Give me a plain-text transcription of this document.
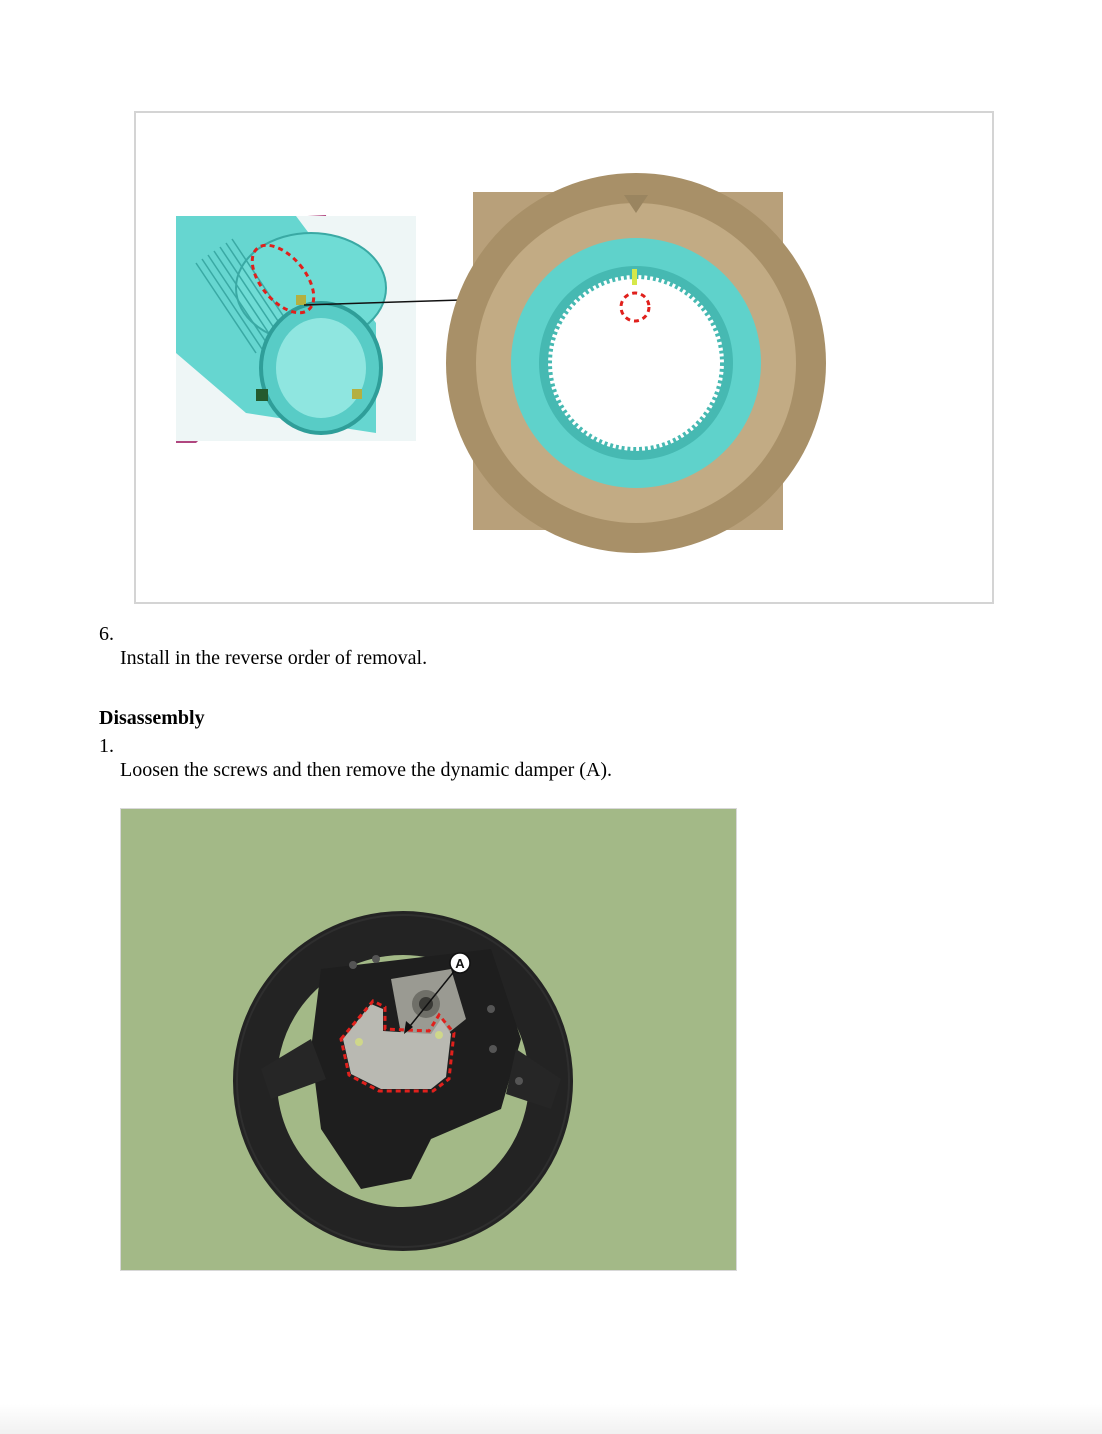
6.
Install in the reverse order of removal.
Disassembly
1.
Loosen the screws and then remove the dynamic damper (A).
A
